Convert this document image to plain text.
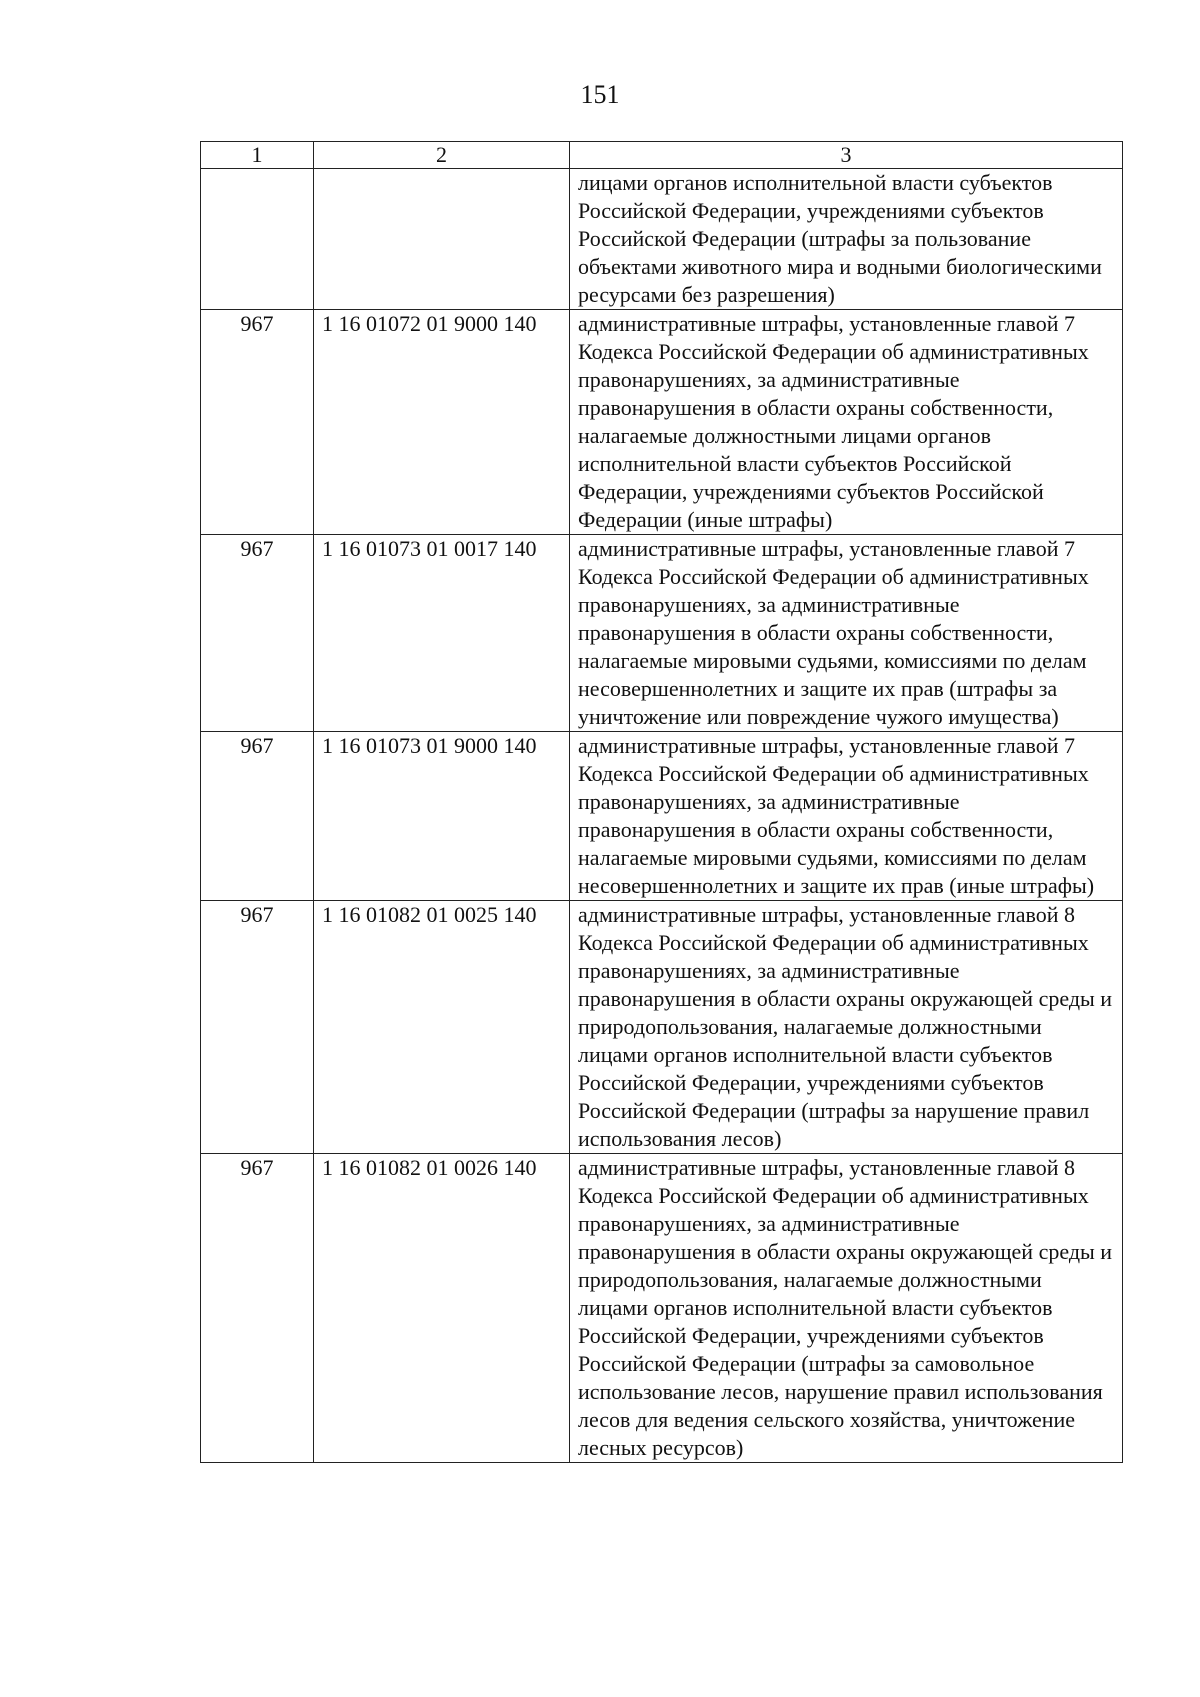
151
1	2	3
		лицами органов исполнительной власти субъектов Российской Федерации, учреждениями субъектов Российской Федерации (штрафы за пользование объектами животного мира и водными биологическими ресурсами без разрешения)
967	1 16 01072 01 9000 140	административные штрафы, установленные главой 7 Кодекса Российской Федерации об административных правонарушениях, за административные правонарушения в области охраны собственности, налагаемые должностными лицами органов исполнительной власти субъектов Российской Федерации, учреждениями субъектов Российской Федерации (иные штрафы)
967	1 16 01073 01 0017 140	административные штрафы, установленные главой 7 Кодекса Российской Федерации об административных правонарушениях, за административные правонарушения в области охраны собственности, налагаемые мировыми судьями, комиссиями по делам несовершеннолетних и защите их прав (штрафы за уничтожение или повреждение чужого имущества)
967	1 16 01073 01 9000 140	административные штрафы, установленные главой 7 Кодекса Российской Федерации об административных правонарушениях, за административные правонарушения в области охраны собственности, налагаемые мировыми судьями, комиссиями по делам несовершеннолетних и защите их прав (иные штрафы)
967	1 16 01082 01 0025 140	административные штрафы, установленные главой 8 Кодекса Российской Федерации об административных правонарушениях, за административные правонарушения в области охраны окружающей среды и природопользования, налагаемые должностными лицами органов исполнительной власти субъектов Российской Федерации, учреждениями субъектов Российской Федерации (штрафы за нарушение правил использования лесов)
967	1 16 01082 01 0026 140	административные штрафы, установленные главой 8 Кодекса Российской Федерации об административных правонарушениях, за административные правонарушения в области охраны окружающей среды и природопользования, налагаемые должностными лицами органов исполнительной власти субъектов Российской Федерации, учреждениями субъектов Российской Федерации (штрафы за самовольное использование лесов, нарушение правил использования лесов для ведения сельского хозяйства, уничтожение лесных ресурсов)
